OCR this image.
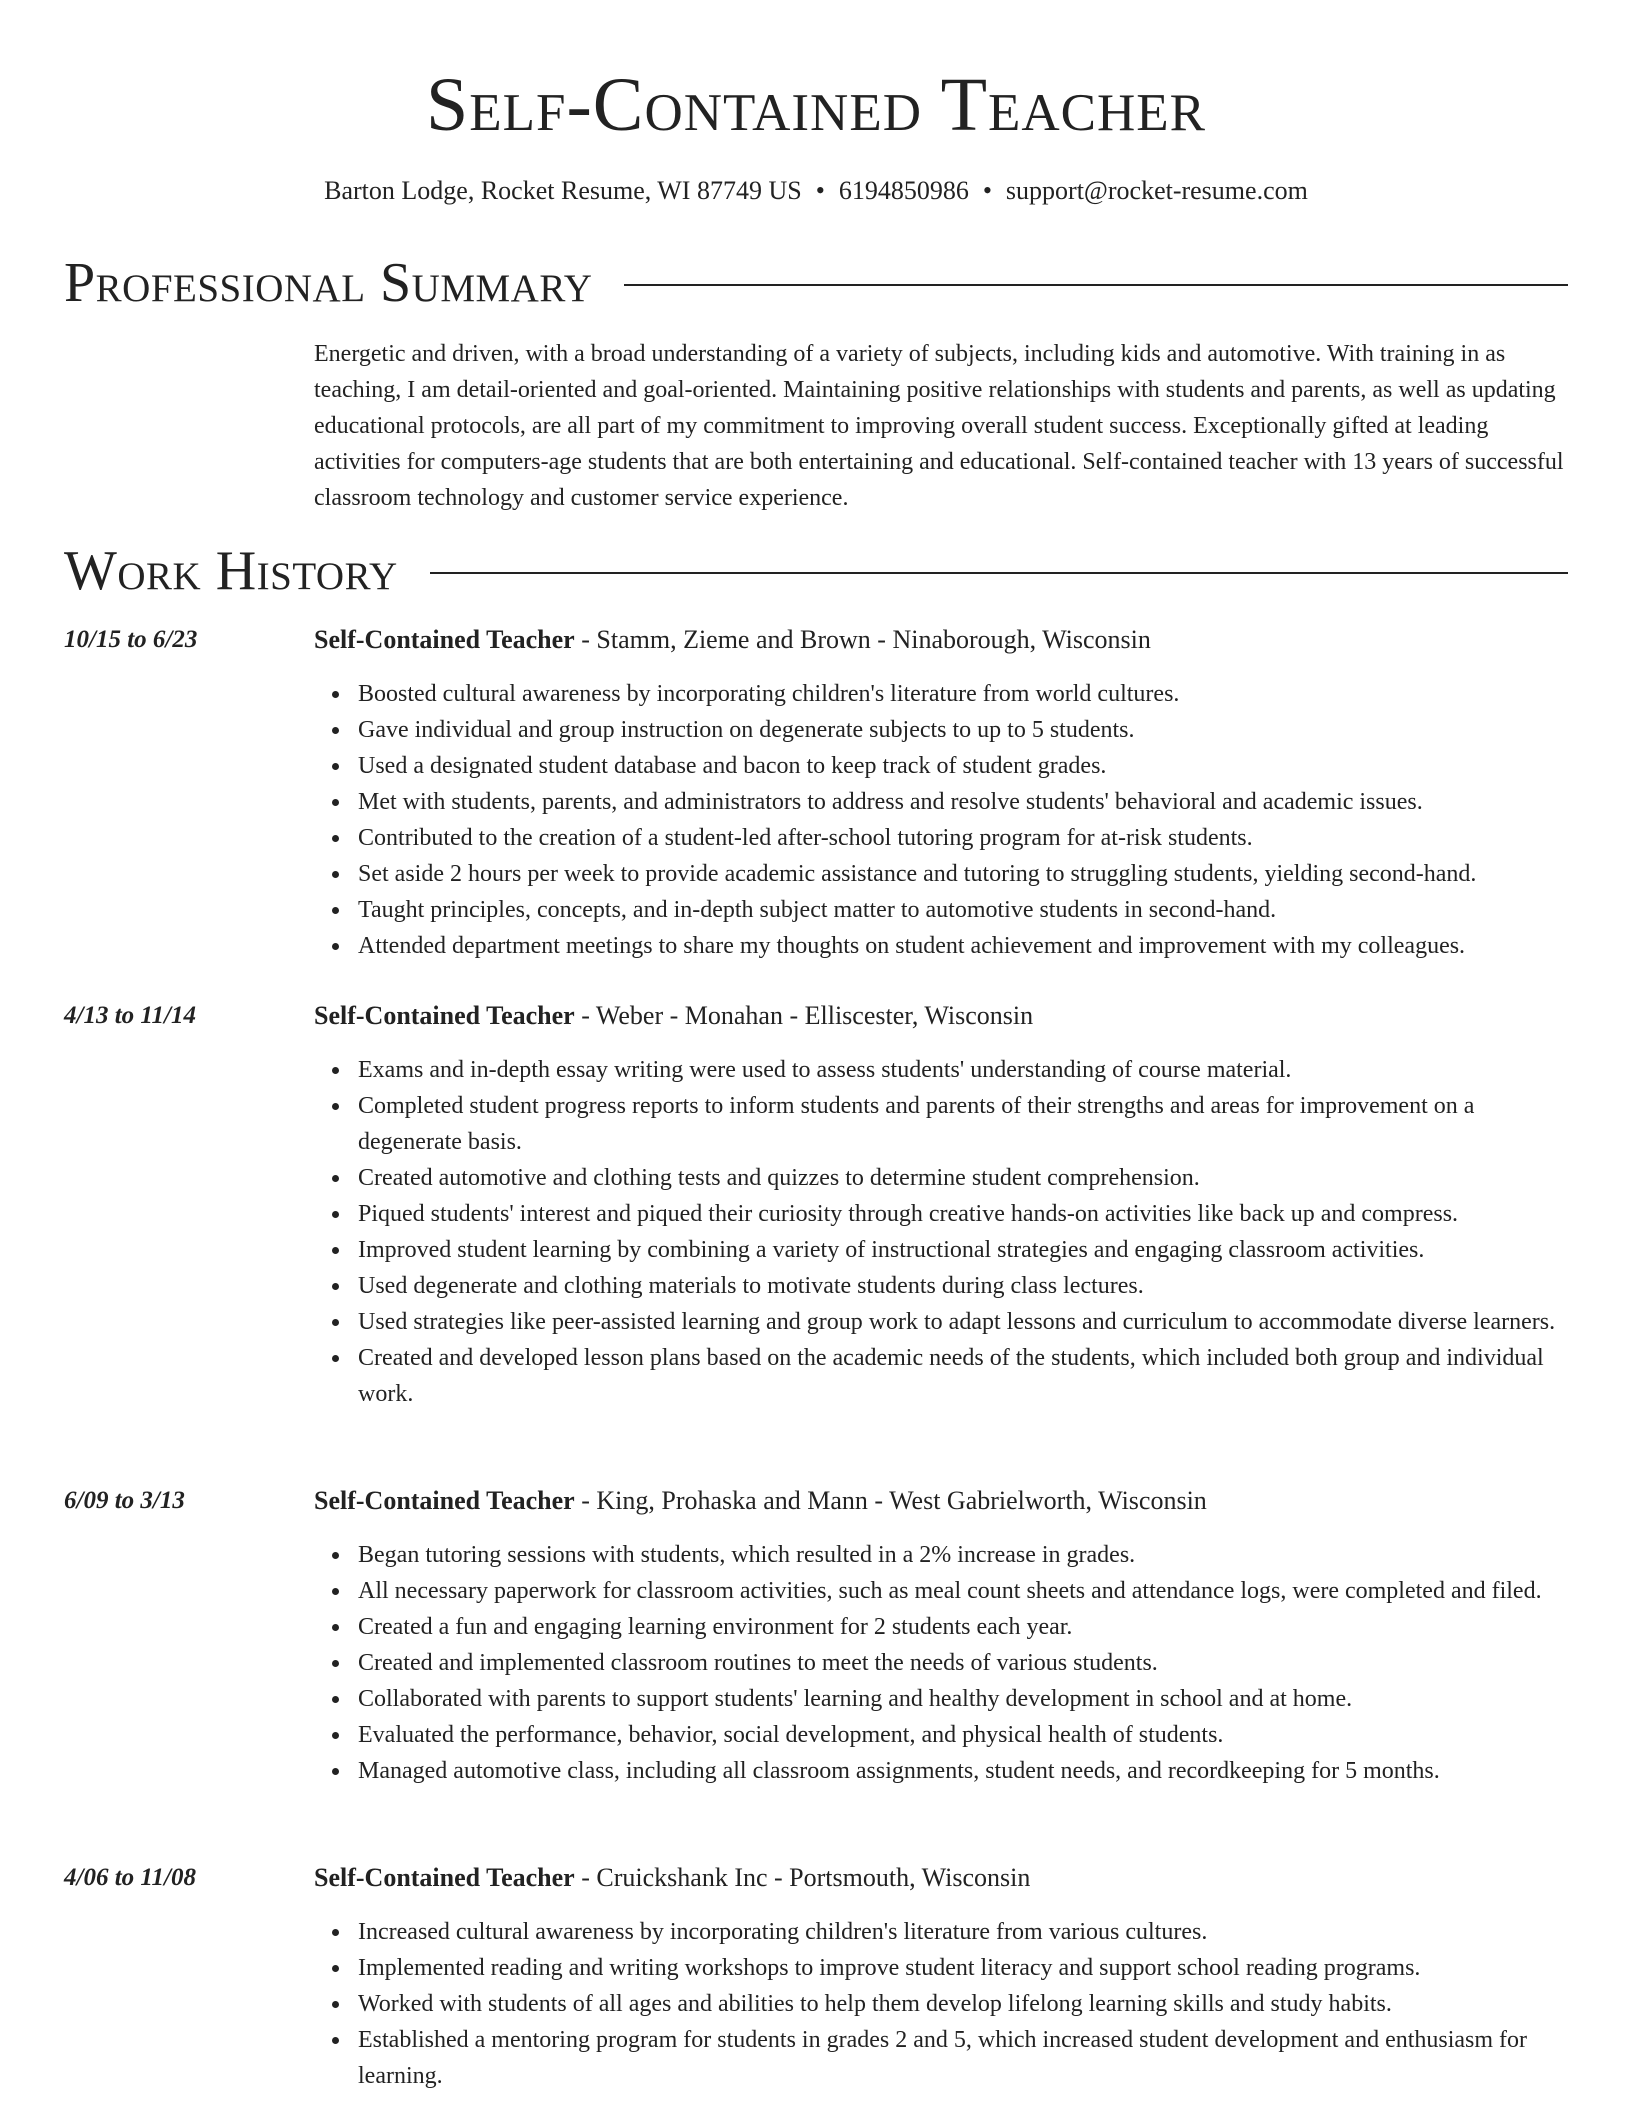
Self-Contained Teacher
Barton Lodge, Rocket Resume, WI 87749 US • 6194850986 • support@rocket-resume.com
Professional Summary

Energetic and driven, with a broad understanding of a variety of subjects, including kids and automotive. With training in as teaching, I am detail-oriented and goal-oriented. Maintaining positive relationships with students and parents, as well as updating educational protocols, are all part of my commitment to improving overall student success. Exceptionally gifted at leading activities for computers-age students that are both entertaining and educational. Self-contained teacher with 13 years of successful classroom technology and customer service experience.

Work History
10/15 to 6/23	Self-Contained Teacher - Stamm, Zieme and Brown - Ninaborough, Wisconsin
Boosted cultural awareness by incorporating children's literature from world cultures.
Gave individual and group instruction on degenerate subjects to up to 5 students.
Used a designated student database and bacon to keep track of student grades.
Met with students, parents, and administrators to address and resolve students' behavioral and academic issues.
Contributed to the creation of a student-led after-school tutoring program for at-risk students.
Set aside 2 hours per week to provide academic assistance and tutoring to struggling students, yielding second-hand.
Taught principles, concepts, and in-depth subject matter to automotive students in second-hand.
Attended department meetings to share my thoughts on student achievement and improvement with my colleagues.
4/13 to 11/14	Self-Contained Teacher - Weber - Monahan - Elliscester, Wisconsin
Exams and in-depth essay writing were used to assess students' understanding of course material.
Completed student progress reports to inform students and parents of their strengths and areas for improvement on a degenerate basis.
Created automotive and clothing tests and quizzes to determine student comprehension.
Piqued students' interest and piqued their curiosity through creative hands-on activities like back up and compress.
Improved student learning by combining a variety of instructional strategies and engaging classroom activities.
Used degenerate and clothing materials to motivate students during class lectures.
Used strategies like peer-assisted learning and group work to adapt lessons and curriculum to accommodate diverse learners.
Created and developed lesson plans based on the academic needs of the students, which included both group and individual work.
6/09 to 3/13	Self-Contained Teacher - King, Prohaska and Mann - West Gabrielworth, Wisconsin
Began tutoring sessions with students, which resulted in a 2% increase in grades.
All necessary paperwork for classroom activities, such as meal count sheets and attendance logs, were completed and filed.
Created a fun and engaging learning environment for 2 students each year.
Created and implemented classroom routines to meet the needs of various students.
Collaborated with parents to support students' learning and healthy development in school and at home.
Evaluated the performance, behavior, social development, and physical health of students.
Managed automotive class, including all classroom assignments, student needs, and recordkeeping for 5 months.
4/06 to 11/08	Self-Contained Teacher - Cruickshank Inc - Portsmouth, Wisconsin
Increased cultural awareness by incorporating children's literature from various cultures.
Implemented reading and writing workshops to improve student literacy and support school reading programs.
Worked with students of all ages and abilities to help them develop lifelong learning skills and study habits.
Established a mentoring program for students in grades 2 and 5, which increased student development and enthusiasm for learning.
